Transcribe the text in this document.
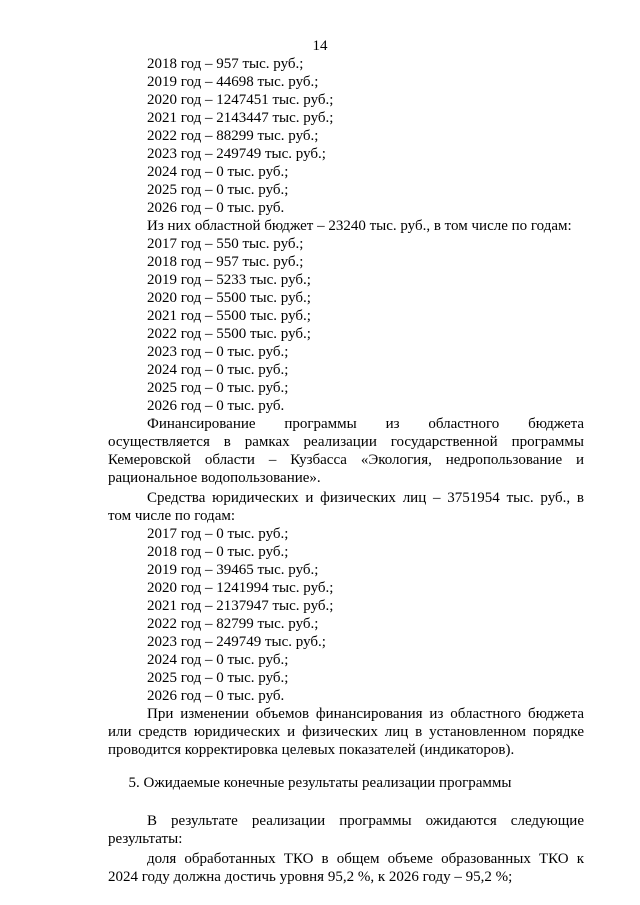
14
2018 год – 957 тыс. руб.;
2019 год – 44698 тыс. руб.;
2020 год – 1247451 тыс. руб.;
2021 год – 2143447 тыс. руб.;
2022 год – 88299 тыс. руб.;
2023 год – 249749 тыс. руб.;
2024 год – 0 тыс. руб.;
2025 год – 0 тыс. руб.;
2026 год – 0 тыс. руб.
Из них областной бюджет – 23240 тыс. руб., в том числе по годам:
2017 год – 550 тыс. руб.;
2018 год – 957 тыс. руб.;
2019 год – 5233 тыс. руб.;
2020 год – 5500 тыс. руб.;
2021 год – 5500 тыс. руб.;
2022 год – 5500 тыс. руб.;
2023 год – 0 тыс. руб.;
2024 год – 0 тыс. руб.;
2025 год – 0 тыс. руб.;
2026 год – 0 тыс. руб.
Финансирование программы из областного бюджета
осуществляется в рамках реализации государственной программы
Кемеровской области – Кузбасса «Экология, недропользование и
рациональное водопользование».
Средства юридических и физических лиц – 3751954 тыс. руб., в
том числе по годам:
2017 год – 0 тыс. руб.;
2018 год – 0 тыс. руб.;
2019 год – 39465 тыс. руб.;
2020 год – 1241994 тыс. руб.;
2021 год – 2137947 тыс. руб.;
2022 год – 82799 тыс. руб.;
2023 год – 249749 тыс. руб.;
2024 год – 0 тыс. руб.;
2025 год – 0 тыс. руб.;
2026 год – 0 тыс. руб.
При изменении объемов финансирования из областного бюджета
или средств юридических и физических лиц в установленном порядке
проводится корректировка целевых показателей (индикаторов).
5. Ожидаемые конечные результаты реализации программы
В результате реализации программы ожидаются следующие
результаты:
доля обработанных ТКО в общем объеме образованных ТКО к
2024 году должна достичь уровня 95,2 %, к 2026 году – 95,2 %;
